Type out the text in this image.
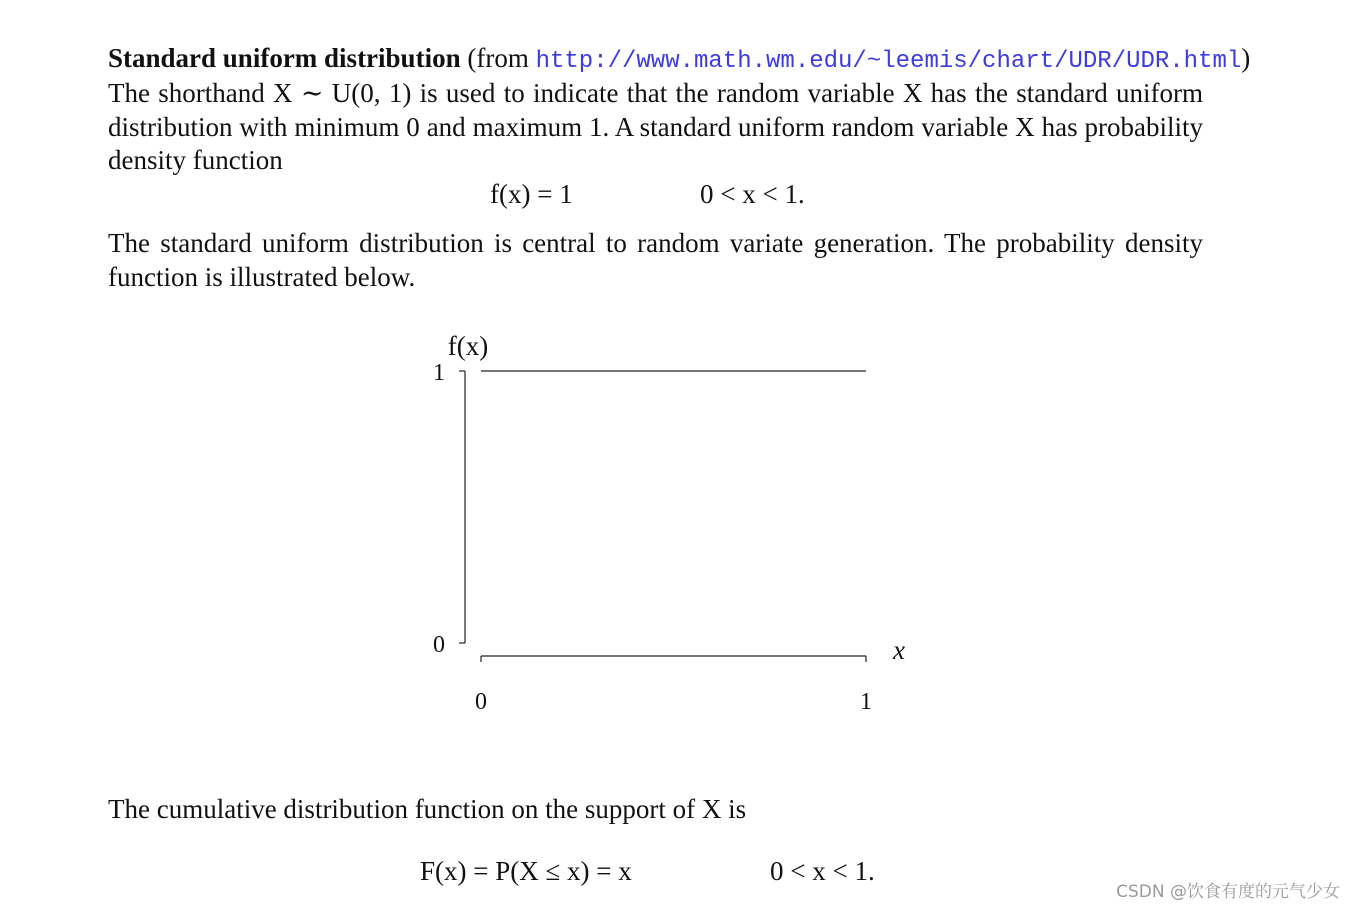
Standard uniform distribution (from http://www.math.wm.edu/~leemis/chart/UDR/UDR.html)
The shorthand X ∼ U(0, 1) is used to indicate that the random variable X has the standard uniform distribution with minimum 0 and maximum 1. A standard uniform random variable X has probability density function
f(x) = 1	0 < x < 1.
The standard uniform distribution is central to random variate generation. The probability density function is illustrated below.
0
1
0	1
f(x)
x
The cumulative distribution function on the support of X is
F(x) = P(X ≤ x) = x	0 < x < 1.
CSDN @饮食有度的元气少女
